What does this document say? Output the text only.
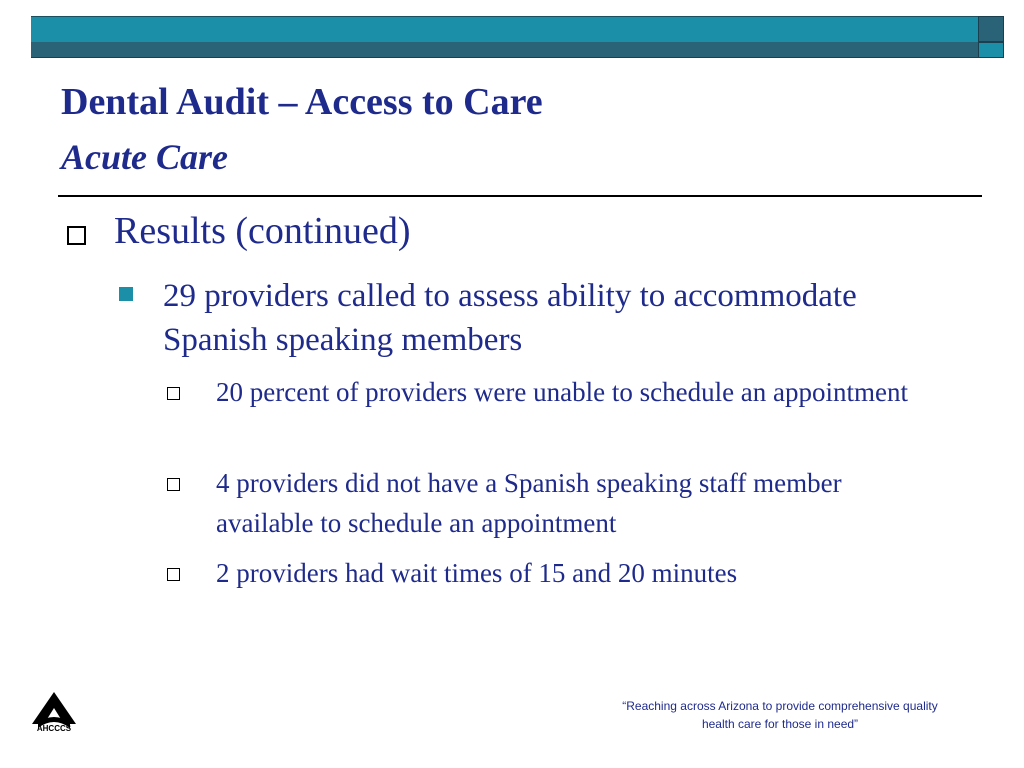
Dental Audit – Access to Care
Acute Care
Results (continued)
29 providers called to assess ability to accommodate Spanish speaking members
20 percent of providers were unable to schedule an appointment
4 providers did not have a Spanish speaking staff member available to schedule an appointment
2 providers had wait times of 15 and 20 minutes
AHCCCS
“Reaching across Arizona to provide comprehensive quality
health care for those in need”
